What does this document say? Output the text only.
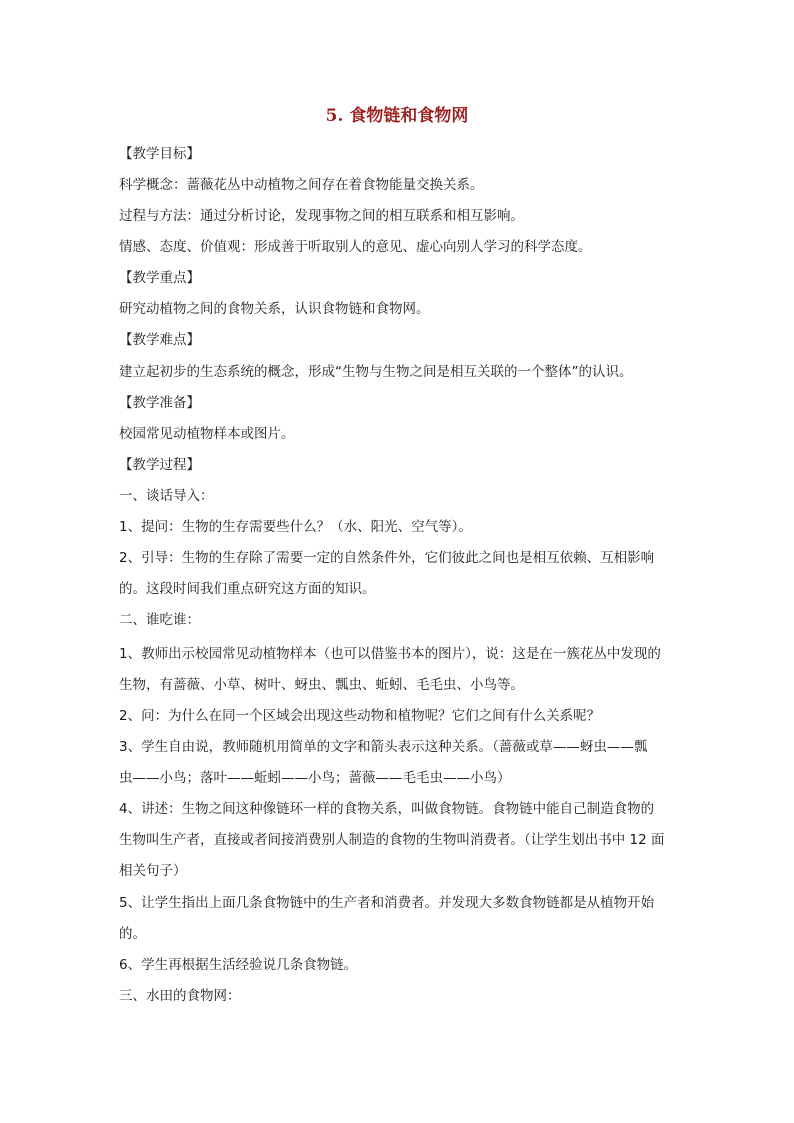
5. 食物链和食物网
【教学目标】
科学概念：蔷薇花丛中动植物之间存在着食物能量交换关系。
过程与方法：通过分析讨论，发现事物之间的相互联系和相互影响。
情感、态度、价值观：形成善于听取别人的意见、虚心向别人学习的科学态度。
【教学重点】
研究动植物之间的食物关系，认识食物链和食物网。
【教学难点】
建立起初步的生态系统的概念，形成“生物与生物之间是相互关联的一个整体”的认识。
【教学准备】
校园常见动植物样本或图片。
【教学过程】
一、谈话导入：
1、提问：生物的生存需要些什么？（水、阳光、空气等）。
2、引导：生物的生存除了需要一定的自然条件外，它们彼此之间也是相互依赖、互相影响
的。这段时间我们重点研究这方面的知识。
二、谁吃谁：
1、教师出示校园常见动植物样本（也可以借鉴书本的图片），说：这是在一簇花丛中发现的
生物，有蔷薇、小草、树叶、蚜虫、瓢虫、蚯蚓、毛毛虫、小鸟等。
2、问：为什么在同一个区域会出现这些动物和植物呢？它们之间有什么关系呢？
3、学生自由说，教师随机用简单的文字和箭头表示这种关系。（蔷薇或草——蚜虫——瓢
虫——小鸟；落叶——蚯蚓——小鸟；蔷薇——毛毛虫——小鸟）
4、讲述：生物之间这种像链环一样的食物关系，叫做食物链。食物链中能自己制造食物的
生物叫生产者，直接或者间接消费别人制造的食物的生物叫消费者。（让学生划出书中 12 面
相关句子）
5、让学生指出上面几条食物链中的生产者和消费者。并发现大多数食物链都是从植物开始
的。
6、学生再根据生活经验说几条食物链。
三、水田的食物网：
